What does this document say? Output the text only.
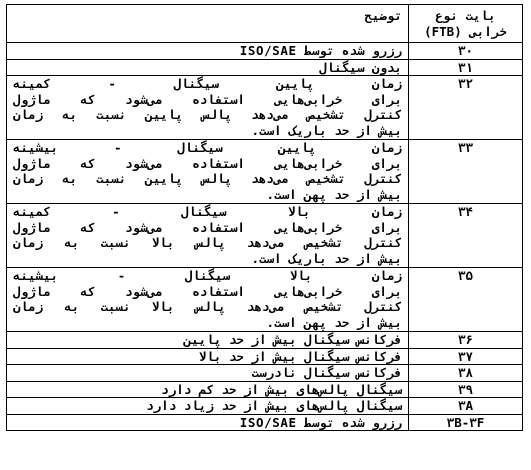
بایت نوع
خرابی (FTB)	توضیح
۳۰	رزرو شده توسط ISO/SAE

۳۱	بدون سیگنال

۳۲	زمان پایین سیگنال - کمینه
برای خرابی‌هایی استفاده می‌شود که ماژول
کنترل تشخیص می‌دهد پالس پایین نسبت به زمان
بیش از حد باریک است.

۳۳	زمان پایین سیگنال - بیشینه
برای خرابی‌هایی استفاده می‌شود که ماژول
کنترل تشخیص می‌دهد پالس پایین نسبت به زمان
بیش از حد پهن است.

۳۴	زمان بالا سیگنال - کمینه
برای خرابی‌هایی استفاده می‌شود که ماژول
کنترل تشخیص می‌دهد پالس بالا نسبت به زمان
بیش از حد باریک است.

۳۵	زمان بالا سیگنال - بیشینه
برای خرابی‌هایی استفاده می‌شود که ماژول
کنترل تشخیص می‌دهد پالس بالا نسبت به زمان
بیش از حد پهن است.

۳۶	فرکانس سیگنال بیش از حد پایین

۳۷	فرکانس سیگنال بیش از حد بالا

۳۸	فرکانس سیگنال نادرست

۳۹	سیگنال پالس‌های بیش از حد کم دارد

۳A	سیگنال پالس‌های بیش از حد زیاد دارد

۳B-۳F	رزرو شده توسط ISO/SAE
